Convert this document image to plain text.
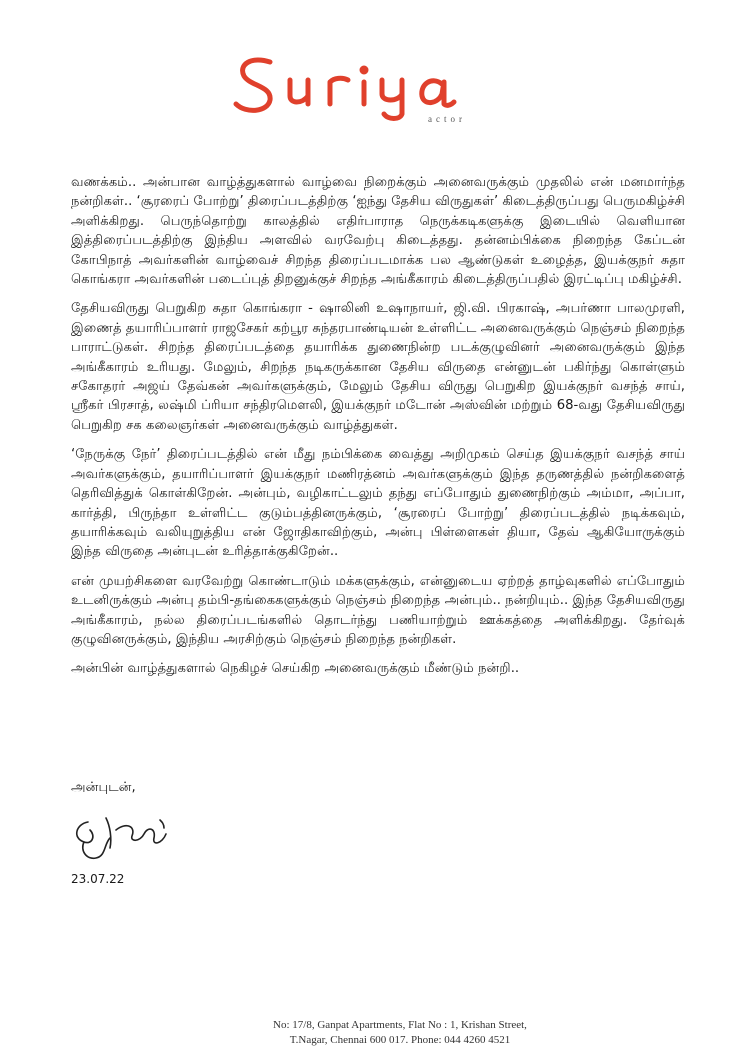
actor

வணக்கம்.. அன்பான வாழ்த்துகளால் வாழ்வை நிறைக்கும் அனைவருக்கும் முதலில் என் மனமார்ந்த நன்றிகள்.. ‘சூரரைப் போற்று’ திரைப்படத்திற்கு ‘ஐந்து தேசிய விருதுகள்’ கிடைத்திருப்பது பெருமகிழ்ச்சி அளிக்கிறது. பெருந்தொற்று காலத்தில் எதிர்பாராத நெருக்கடிகளுக்கு இடையில் வெளியான இத்திரைப்படத்திற்கு இந்திய அளவில் வரவேற்பு கிடைத்தது. தன்னம்பிக்கை நிறைந்த கேப்டன் கோபிநாத் அவர்களின் வாழ்வைச் சிறந்த திரைப்படமாக்க பல ஆண்டுகள் உழைத்த, இயக்குநர் சுதா கொங்கரா அவர்களின் படைப்புத் திறனுக்குச் சிறந்த அங்கீகாரம் கிடைத்திருப்பதில் இரட்டிப்பு மகிழ்ச்சி.

தேசியவிருது பெறுகிற சுதா கொங்கரா - ஷாலினி உஷாநாயர், ஜி.வி. பிரகாஷ், அபர்ணா பாலமுரளி, இணைத் தயாரிப்பாளர் ராஜசேகர் கற்பூர சுந்தரபாண்டியன் உள்ளிட்ட அனைவருக்கும் நெஞ்சம் நிறைந்த பாராட்டுகள். சிறந்த திரைப்படத்தை தயாரிக்க துணைநின்ற படக்குழுவினர் அனைவருக்கும் இந்த அங்கீகாரம் உரியது. மேலும், சிறந்த நடிகருக்கான தேசிய விருதை என்னுடன் பகிர்ந்து கொள்ளும் சகோதரர் அஜய் தேவ்கன் அவர்களுக்கும், மேலும் தேசிய விருது பெறுகிற இயக்குநர் வசந்த் சாய், ஸ்ரீகர் பிரசாத், லஷ்மி ப்ரியா சந்திரமௌலி, இயக்குநர் மடோன் அஸ்வின் மற்றும் 68-வது தேசியவிருது பெறுகிற சக கலைஞர்கள் அனைவருக்கும் வாழ்த்துகள்.

‘நேருக்கு நேர்’ திரைப்படத்தில் என் மீது நம்பிக்கை வைத்து அறிமுகம் செய்த இயக்குநர் வசந்த் சாய் அவர்களுக்கும், தயாரிப்பாளர் இயக்குநர் மணிரத்னம் அவர்களுக்கும் இந்த தருணத்தில் நன்றிகளைத் தெரிவித்துக் கொள்கிறேன். அன்பும், வழிகாட்டலும் தந்து எப்போதும் துணைநிற்கும் அம்மா, அப்பா, கார்த்தி, பிருந்தா உள்ளிட்ட குடும்பத்தினருக்கும், ‘சூரரைப் போற்று’ திரைப்படத்தில் நடிக்கவும், தயாரிக்கவும் வலியுறுத்திய என் ஜோதிகாவிற்கும், அன்பு பிள்ளைகள் தியா, தேவ் ஆகியோருக்கும் இந்த விருதை அன்புடன் உரித்தாக்குகிறேன்..

என் முயற்சிகளை வரவேற்று கொண்டாடும் மக்களுக்கும், என்னுடைய ஏற்றத் தாழ்வுகளில் எப்போதும் உடனிருக்கும் அன்பு தம்பி-தங்கைகளுக்கும் நெஞ்சம் நிறைந்த அன்பும்.. நன்றியும்.. இந்த தேசியவிருது அங்கீகாரம், நல்ல திரைப்படங்களில் தொடர்ந்து பணியாற்றும் ஊக்கத்தை அளிக்கிறது. தேர்வுக் குழுவினருக்கும், இந்திய அரசிற்கும் நெஞ்சம் நிறைந்த நன்றிகள்.

அன்பின் வாழ்த்துகளால் நெகிழச் செய்கிற அனைவருக்கும் மீண்டும் நன்றி..

அன்புடன்,
23.07.22
No: 17/8, Ganpat Apartments, Flat No : 1, Krishan Street,
T.Nagar, Chennai 600 017. Phone: 044 4260 4521
